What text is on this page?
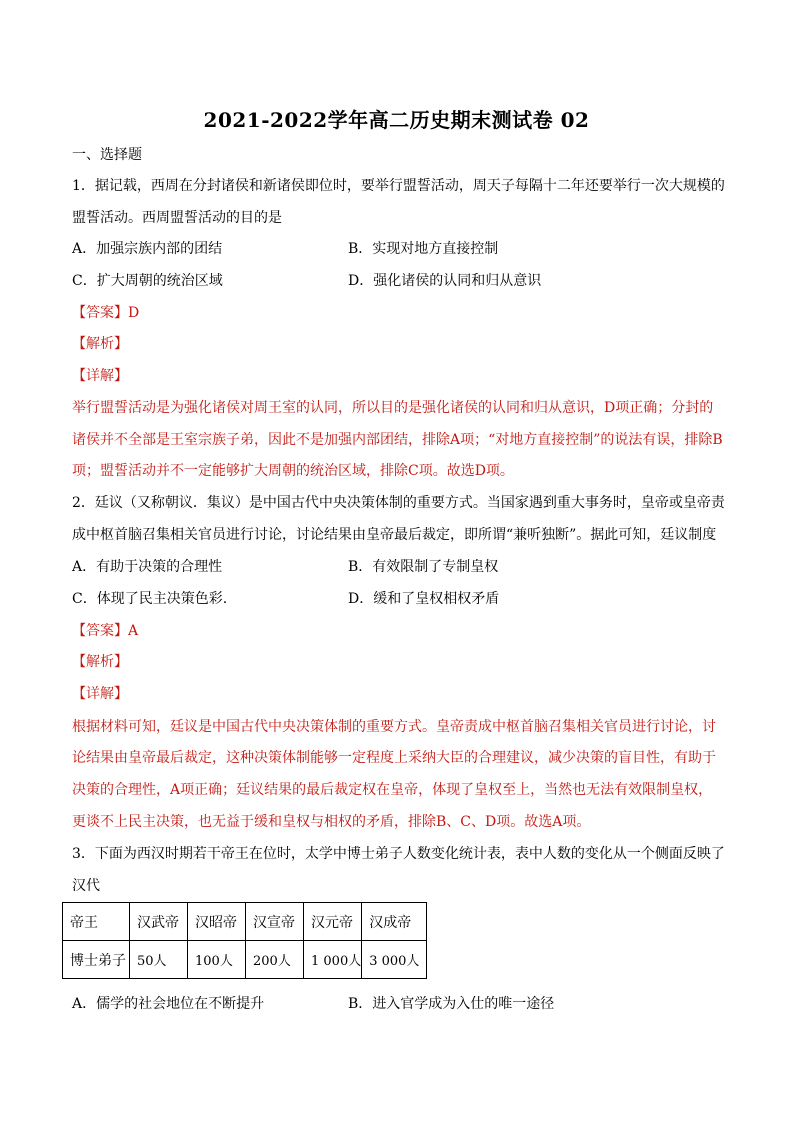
2021-2022学年高二历史期末测试卷 02
一、选择题
1．据记载，西周在分封诸侯和新诸侯即位时，要举行盟誓活动，周天子每隔十二年还要举行一次大规模的
盟誓活动。西周盟誓活动的目的是
A．加强宗族内部的团结	B．实现对地方直接控制
C．扩大周朝的统治区域	D．强化诸侯的认同和归从意识
【答案】D
【解析】
【详解】
举行盟誓活动是为强化诸侯对周王室的认同，所以目的是强化诸侯的认同和归从意识，D项正确；分封的
诸侯并不全部是王室宗族子弟，因此不是加强内部团结，排除A项；“对地方直接控制”的说法有误，排除B
项；盟誓活动并不一定能够扩大周朝的统治区域，排除C项。故选D项。
2．廷议（又称朝议．集议）是中国古代中央决策体制的重要方式。当国家遇到重大事务时，皇帝或皇帝责
成中枢首脑召集相关官员进行讨论，讨论结果由皇帝最后裁定，即所谓“兼听独断”。据此可知，廷议制度
A．有助于决策的合理性	B．有效限制了专制皇权
C．体现了民主决策色彩.	D．缓和了皇权相权矛盾
【答案】A
【解析】
【详解】
根据材料可知，廷议是中国古代中央决策体制的重要方式。皇帝责成中枢首脑召集相关官员进行讨论，讨
论结果由皇帝最后裁定，这种决策体制能够一定程度上采纳大臣的合理建议，减少决策的盲目性，有助于
决策的合理性，A项正确；廷议结果的最后裁定权在皇帝，体现了皇权至上，当然也无法有效限制皇权，
更谈不上民主决策，也无益于缓和皇权与相权的矛盾，排除B、C、D项。故选A项。
3．下面为西汉时期若干帝王在位时，太学中博士弟子人数变化统计表，表中人数的变化从一个侧面反映了
汉代
帝王	汉武帝	汉昭帝	汉宣帝	汉元帝	汉成帝
博士弟子	50人	100人	200人	1 000人	3 000人
A．儒学的社会地位在不断提升	B．进入官学成为入仕的唯一途径
